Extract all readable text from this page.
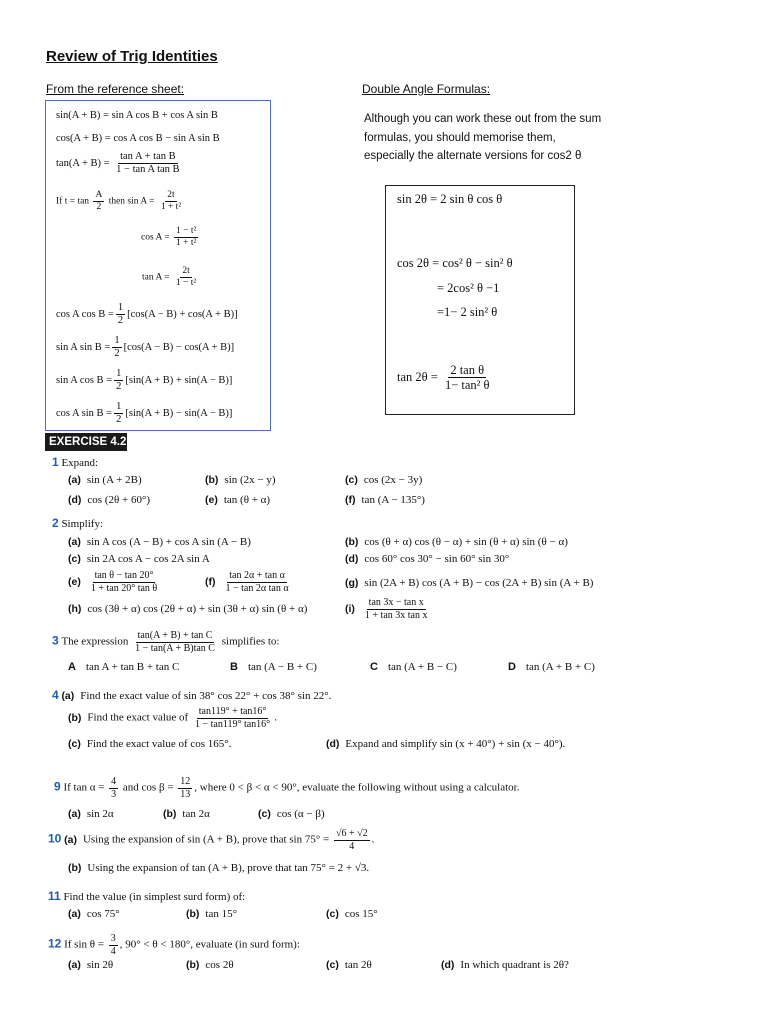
Review of Trig Identities
From the reference sheet:	Double Angle Formulas:
sin(A + B) = sin A cos B + cos A sin B
cos(A + B) = cos A cos B − sin A sin B
$\tan(A + B) = \frac{\text{tan A + tan B}}{\text{1 − tan A tan B}}$
If $t = \tan \frac{A}{2}$ then $\sin A = \frac{2t}{\text{1 + t²}}$
$\cos A = \frac{\text{1 − t²}}{\text{1 + t²}}$
$\tan A = \frac{2t}{\text{1 − t²}}$
cos A $\cos B = \frac{1}{2} [\cos(A - B) + \cos(A + B)]$
sin A $\sin B = \frac{1}{2} [\cos(A - B) - \cos(A + B)]$
sin A $\cos B = \frac{1}{2} [\sin(A + B) + \sin(A - B)]$
cos A $\sin B = \frac{1}{2} [\sin(A + B) - \sin(A - B)]$
Although you can work these out from the sum
formulas, you should memorise them,
especially the alternate versions for cos2 θ
sin 2θ = 2 sin θ cos θ
cos 2θ = cos² θ − sin² θ
= 2cos² θ −1
=1− 2 sin² θ
$\tan 2\theta = \frac{\text{2 tan θ}}{\text{1− tan² θ}}$
EXERCISE 4.2
1 Expand:
(a) sin (A + 2B)	(b) sin (2x − y)	(c) cos (2x − 3y)
(d) cos (2θ + 60°)	(e) tan (θ + α)	(f) tan (A − 135°)
2 Simplify:
(a) sin A cos (A − B) + cos A sin (A − B)	(b) cos (θ + α) cos (θ − α) + sin (θ + α) sin (θ − α)
(c) sin 2A cos A − cos 2A sin A	(d) cos 60° cos 30° − sin 60° sin 30°
$(e) \frac{\text{tan θ − tan 20°}}{\text{1 + tan 20° tan θ}}$	$(f) \frac{\text{tan 2α + tan α}}{\text{1 − tan 2α tan α}}$	(g) sin (2A + B) cos (A + B) − cos (2A + B) sin (A + B)
(h) cos (3θ + α) cos (2θ + α) + sin (3θ + α) sin (θ + α)	$(i) \frac{\text{tan 3x − tan x}}{\text{1 + tan 3x tan x}}$
3 The expression $\frac{\text{tan(A + B) + tan C}}{\text{1 − tan(A + B)tan C}}$ simplifies to:
A tan A + tan B + tan C	B tan (A − B + C)	C tan (A + B − C)	D tan (A + B + C)
4 (a) Find the exact value of sin 38° cos 22° + cos 38° sin 22°.
(b) Find the exact value of $\frac{\tan 119^\circ + \tan 16^\circ}{1 - \tan 119^\circ \tan 16^\circ}$ .
(c) Find the exact value of cos 165°.	(d) Expand and simplify sin (x + 40°) + sin (x − 40°).
9 If $\tan \alpha = \frac{4}{3}$ and $\cos \beta = \frac{12}{13}$ , where 0 < β < α < 90°, evaluate the following without using a calculator.
(a) sin 2α	(b) tan 2α	(c) cos (α − β)
10 (a) Using the expansion of sin (A + B), prove that $\sin 75^\circ = \frac{√6 + √2}{4}$ .
(b) Using the expansion of tan (A + B), prove that tan 75° = 2 + √3.
11 Find the value (in simplest surd form) of:
(a) cos 75°	(b) tan 15°	(c) cos 15°
12 If $\sin \theta = \frac{3}{4}$ , 90° < θ < 180°, evaluate (in surd form):
(a) sin 2θ	(b) cos 2θ	(c) tan 2θ	(d) In which quadrant is 2θ?
